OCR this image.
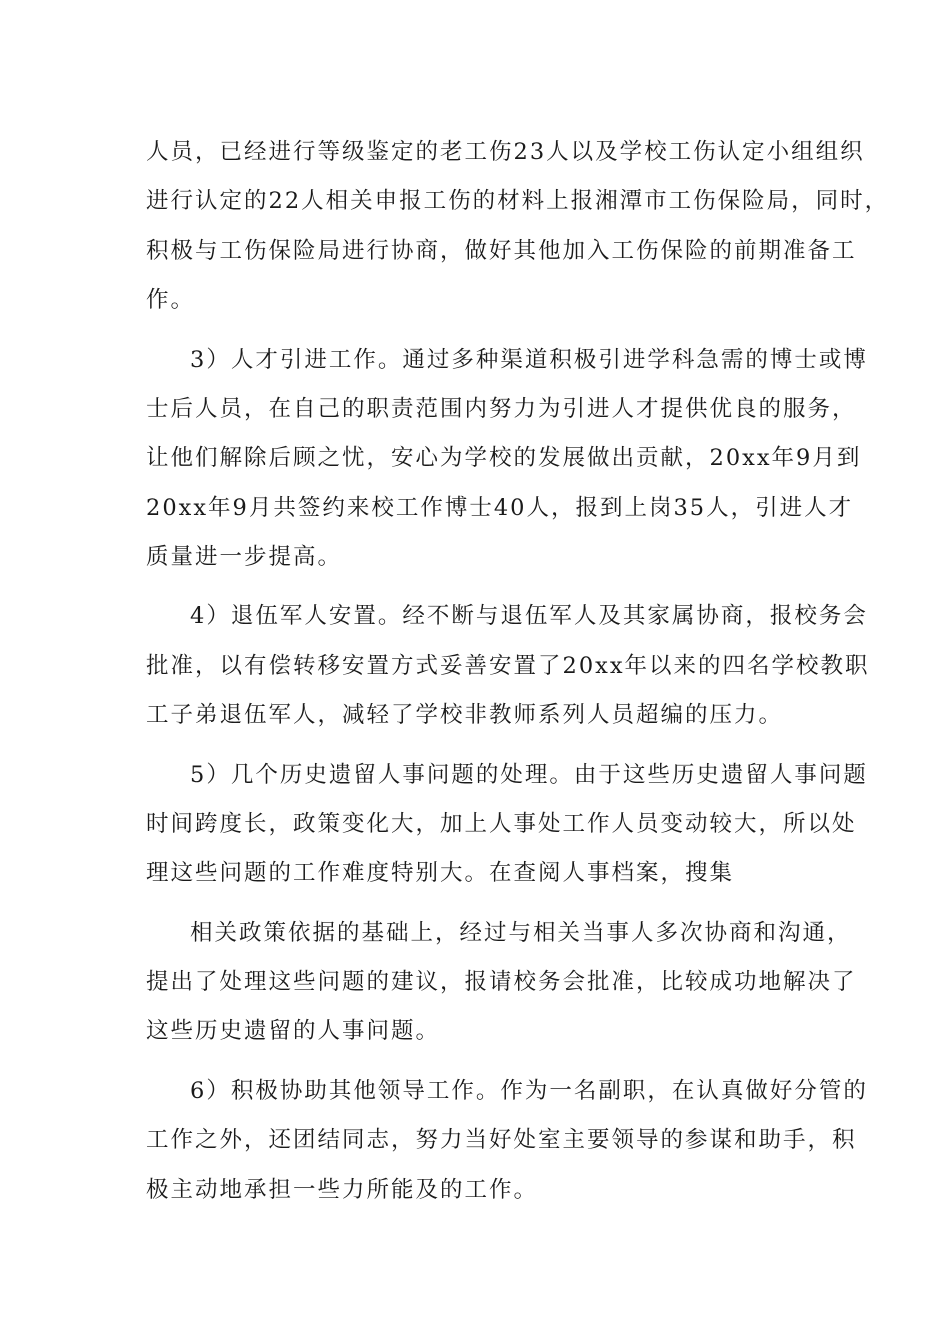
人员，已经进行等级鉴定的老工伤23人以及学校工伤认定小组组织
进行认定的22人相关申报工伤的材料上报湘潭市工伤保险局，同时，
积极与工伤保险局进行协商，做好其他加入工伤保险的前期准备工
作。
3）人才引进工作。通过多种渠道积极引进学科急需的博士或博
士后人员，在自己的职责范围内努力为引进人才提供优良的服务，
让他们解除后顾之忧，安心为学校的发展做出贡献，20xx年9月到
20xx年9月共签约来校工作博士40人，报到上岗35人，引进人才
质量进一步提高。
4）退伍军人安置。经不断与退伍军人及其家属协商，报校务会
批准，以有偿转移安置方式妥善安置了20xx年以来的四名学校教职
工子弟退伍军人，减轻了学校非教师系列人员超编的压力。
5）几个历史遗留人事问题的处理。由于这些历史遗留人事问题
时间跨度长，政策变化大，加上人事处工作人员变动较大，所以处
理这些问题的工作难度特别大。在查阅人事档案，搜集
相关政策依据的基础上，经过与相关当事人多次协商和沟通，
提出了处理这些问题的建议，报请校务会批准，比较成功地解决了
这些历史遗留的人事问题。
6）积极协助其他领导工作。作为一名副职，在认真做好分管的
工作之外，还团结同志，努力当好处室主要领导的参谋和助手，积
极主动地承担一些力所能及的工作。
